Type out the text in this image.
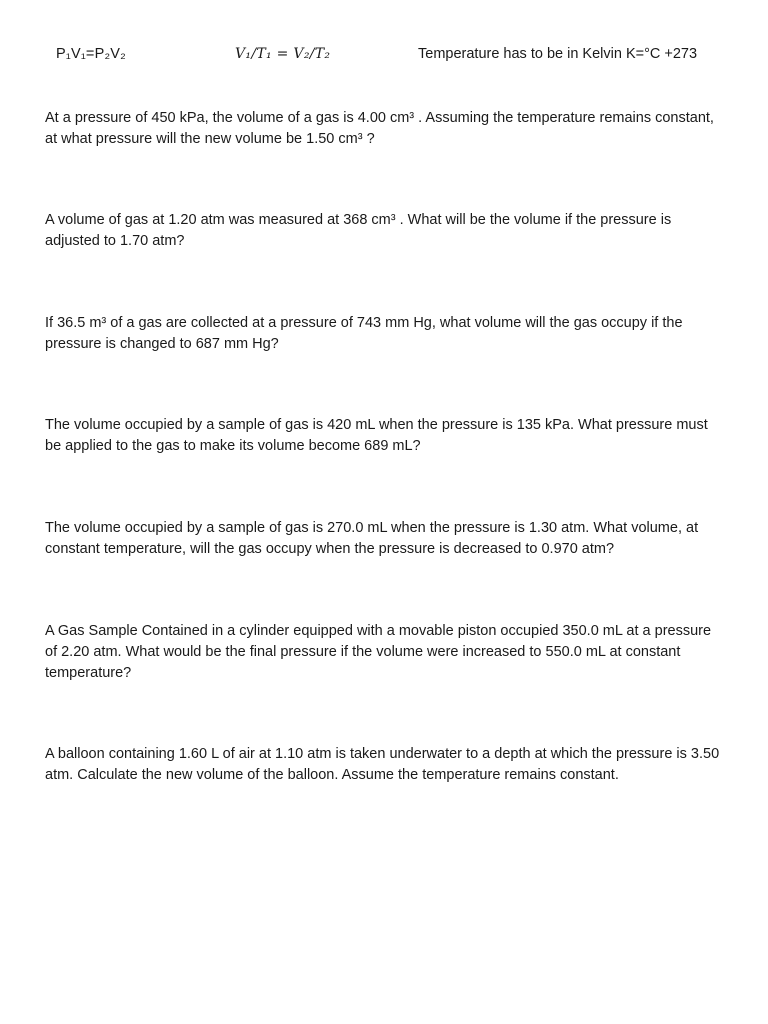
P₁V₁=P₂V₂	V₁/T₁ = V₂/T₂	Temperature has to be in Kelvin K=°C +273

At a pressure of 450 kPa, the volume of a gas is 4.00 cm³ . Assuming the temperature remains constant, at what pressure will the new volume be 1.50 cm³ ?

A volume of gas at 1.20 atm was measured at 368 cm³ . What will be the volume if the pressure is adjusted to 1.70 atm?

If 36.5 m³ of a gas are collected at a pressure of 743 mm Hg, what volume will the gas occupy if the pressure is changed to 687 mm Hg?

The volume occupied by a sample of gas is 420 mL when the pressure is 135 kPa. What pressure must be applied to the gas to make its volume become 689 mL?

The volume occupied by a sample of gas is 270.0 mL when the pressure is 1.30 atm. What volume, at constant temperature, will the gas occupy when the pressure is decreased to 0.970 atm?

A Gas Sample Contained in a cylinder equipped with a movable piston occupied 350.0 mL at a pressure of 2.20 atm. What would be the final pressure if the volume were increased to 550.0 mL at constant temperature?

A balloon containing 1.60 L of air at 1.10 atm is taken underwater to a depth at which the pressure is 3.50 atm. Calculate the new volume of the balloon. Assume the temperature remains constant.
